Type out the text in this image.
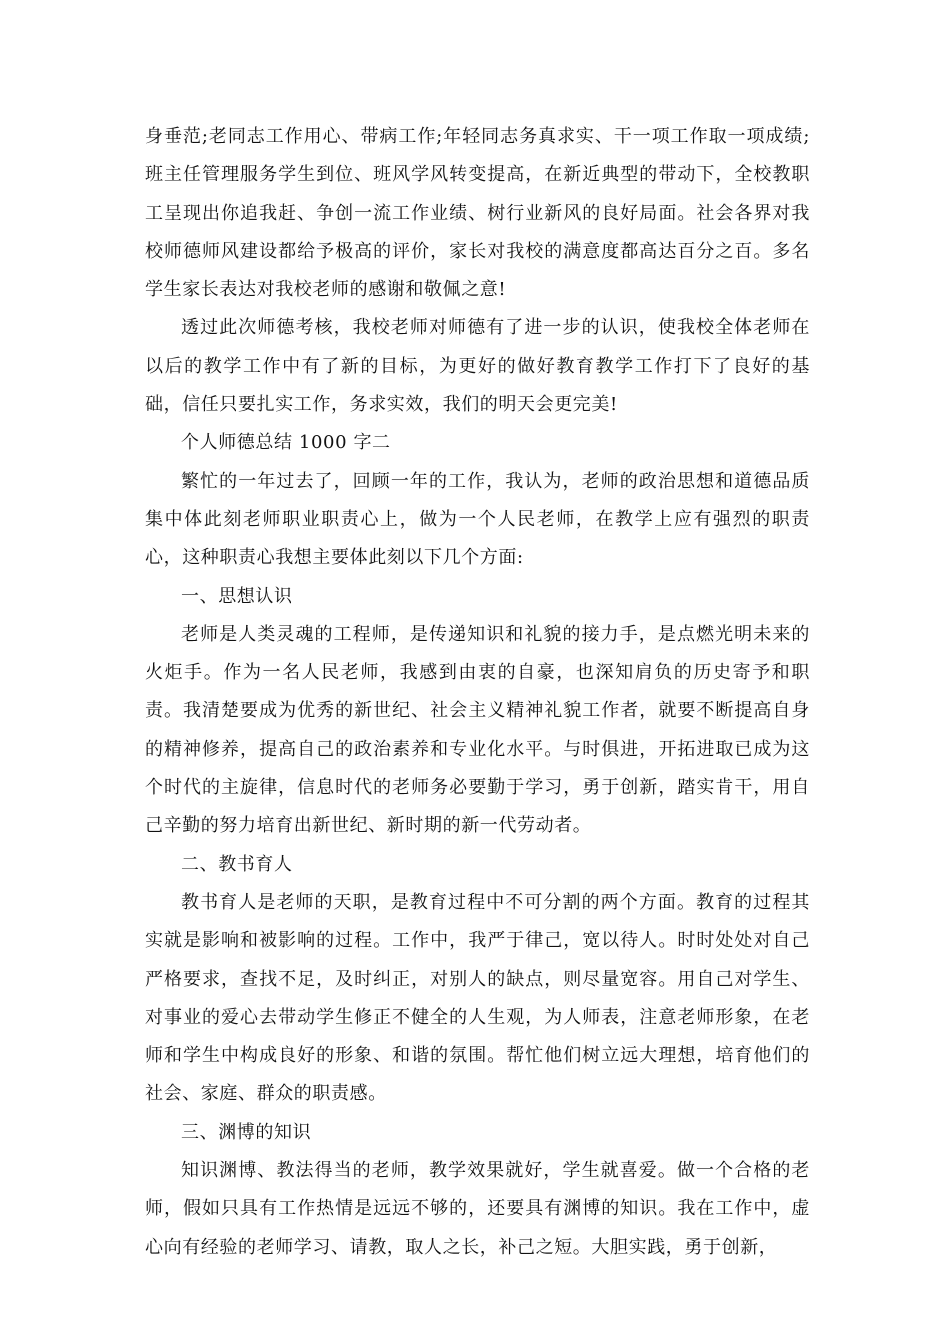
身垂范;老同志工作用心、带病工作;年轻同志务真求实、干一项工作取一项成绩;班主任管理服务学生到位、班风学风转变提高，在新近典型的带动下，全校教职工呈现出你追我赶、争创一流工作业绩、树行业新风的良好局面。社会各界对我校师德师风建设都给予极高的评价，家长对我校的满意度都高达百分之百。多名学生家长表达对我校老师的感谢和敬佩之意!

透过此次师德考核，我校老师对师德有了进一步的认识，使我校全体老师在以后的教学工作中有了新的目标，为更好的做好教育教学工作打下了良好的基础，信任只要扎实工作，务求实效，我们的明天会更完美!

个人师德总结 1000 字二

繁忙的一年过去了，回顾一年的工作，我认为，老师的政治思想和道德品质集中体此刻老师职业职责心上，做为一个人民老师，在教学上应有强烈的职责心，这种职责心我想主要体此刻以下几个方面:

一、思想认识

老师是人类灵魂的工程师，是传递知识和礼貌的接力手，是点燃光明未来的火炬手。作为一名人民老师，我感到由衷的自豪，也深知肩负的历史寄予和职责。我清楚要成为优秀的新世纪、社会主义精神礼貌工作者，就要不断提高自身的精神修养，提高自己的政治素养和专业化水平。与时俱进，开拓进取已成为这个时代的主旋律，信息时代的老师务必要勤于学习，勇于创新，踏实肯干，用自己辛勤的努力培育出新世纪、新时期的新一代劳动者。

二、教书育人

教书育人是老师的天职，是教育过程中不可分割的两个方面。教育的过程其实就是影响和被影响的过程。工作中，我严于律己，宽以待人。时时处处对自己严格要求，查找不足，及时纠正，对别人的缺点，则尽量宽容。用自己对学生、对事业的爱心去带动学生修正不健全的人生观，为人师表，注意老师形象，在老师和学生中构成良好的形象、和谐的氛围。帮忙他们树立远大理想，培育他们的社会、家庭、群众的职责感。

三、渊博的知识

知识渊博、教法得当的老师，教学效果就好，学生就喜爱。做一个合格的老师，假如只具有工作热情是远远不够的，还要具有渊博的知识。我在工作中，虚心向有经验的老师学习、请教，取人之长，补己之短。大胆实践，勇于创新，
